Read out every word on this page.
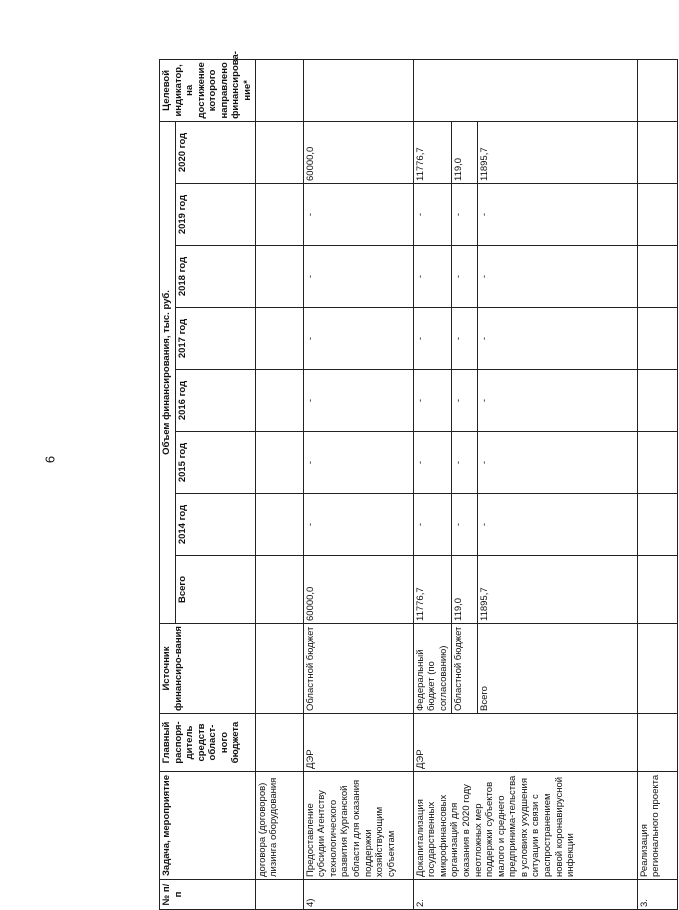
6
№ п/п	Задача, мероприятие	Главный распоря-дитель средств област-ного бюджета	Источник финансиро-вания	Объем финансирования, тыс. руб.								Целевой индикатор, на достижение которого направлено финансирова-ние*
				Всего	2014 год	2015 год	2016 год	2017 год	2018 год	2019 год	2020 год	
	договора (договоров) лизинга оборудования											
4)	Предоставление субсидии Агентству технологического развития Курганской области для оказания поддержки хозяйствующим субъектам	ДЭР	Областной бюджет	60000,0	-	-	-	-	-	-	60000,0	
2.	Докапитализация государственных микрофинансовых организаций для оказания в 2020 году неотложных мер поддержки субъектов малого и среднего предпринима-тельства в условиях ухудшения ситуации в связи с распространением новой коронавирусной инфекции	ДЭР	Федеральный бюджет (по согласованию)	11776,7	-	-	-	-	-	-	11776,7	
			Областной бюджет	119,0	-	-	-	-	-	-	119,0	
			Всего	11895,7	-	-	-	-	-	-	11895,7	
3.	Реализация регионального проекта											
